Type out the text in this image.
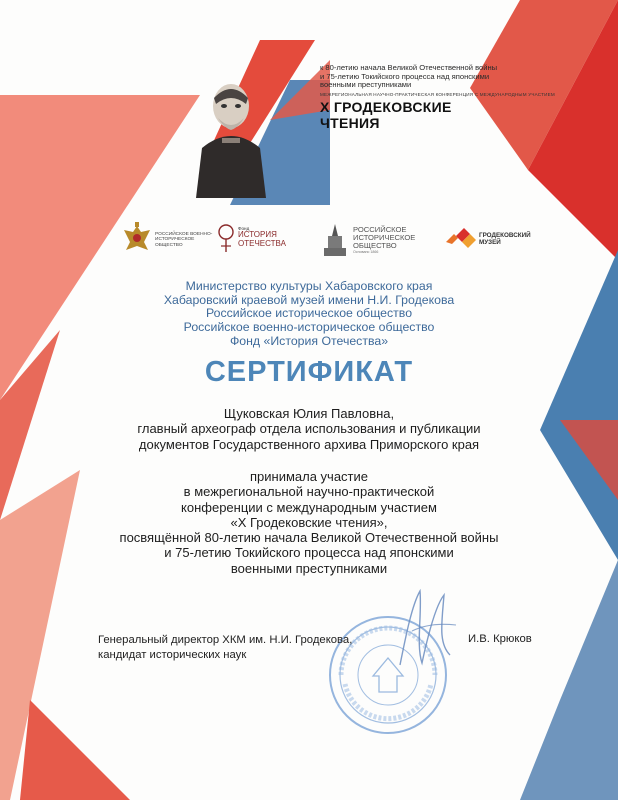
к 80-летию начала Великой Отечественной войны

и 75-летию Токийского процесса над японскими

военными преступниками

МЕЖРЕГИОНАЛЬНАЯ НАУЧНО-ПРАКТИЧЕСКАЯ КОНФЕРЕНЦИЯ С МЕЖДУНАРОДНЫМ УЧАСТИЕМ
X ГРОДЕКОВСКИЕ
ЧТЕНИЯ
РОССИЙСКОЕ ВОЕННО-ИСТОРИЧЕСКОЕ ОБЩЕСТВО
Фонд
ИСТОРИЯ
ОТЕЧЕСТВА
РОССИЙСКОЕ
ИСТОРИЧЕСКОЕ
ОБЩЕСТВО
Основано 1866
ГРОДЕКОВСКИЙ
МУЗЕЙ
Министерство культуры Хабаровского края
Хабаровский краевой музей имени Н.И. Гродекова
Российское историческое общество
Российское военно-историческое общество
Фонд «История Отечества»
СЕРТИФИКАТ
Щуковская Юлия Павловна,
главный археограф отдела использования и публикации
документов Государственного архива Приморского края
принимала участие
в межрегиональной научно-практической
конференции с международным участием
«Х Гродековские чтения»,
посвящённой 80-летию начала Великой Отечественной войны
и 75-летию Токийского процесса над японскими
военными преступниками
Генеральный директор ХКМ им. Н.И. Гродекова,
кандидат исторических наук
И.В. Крюков
